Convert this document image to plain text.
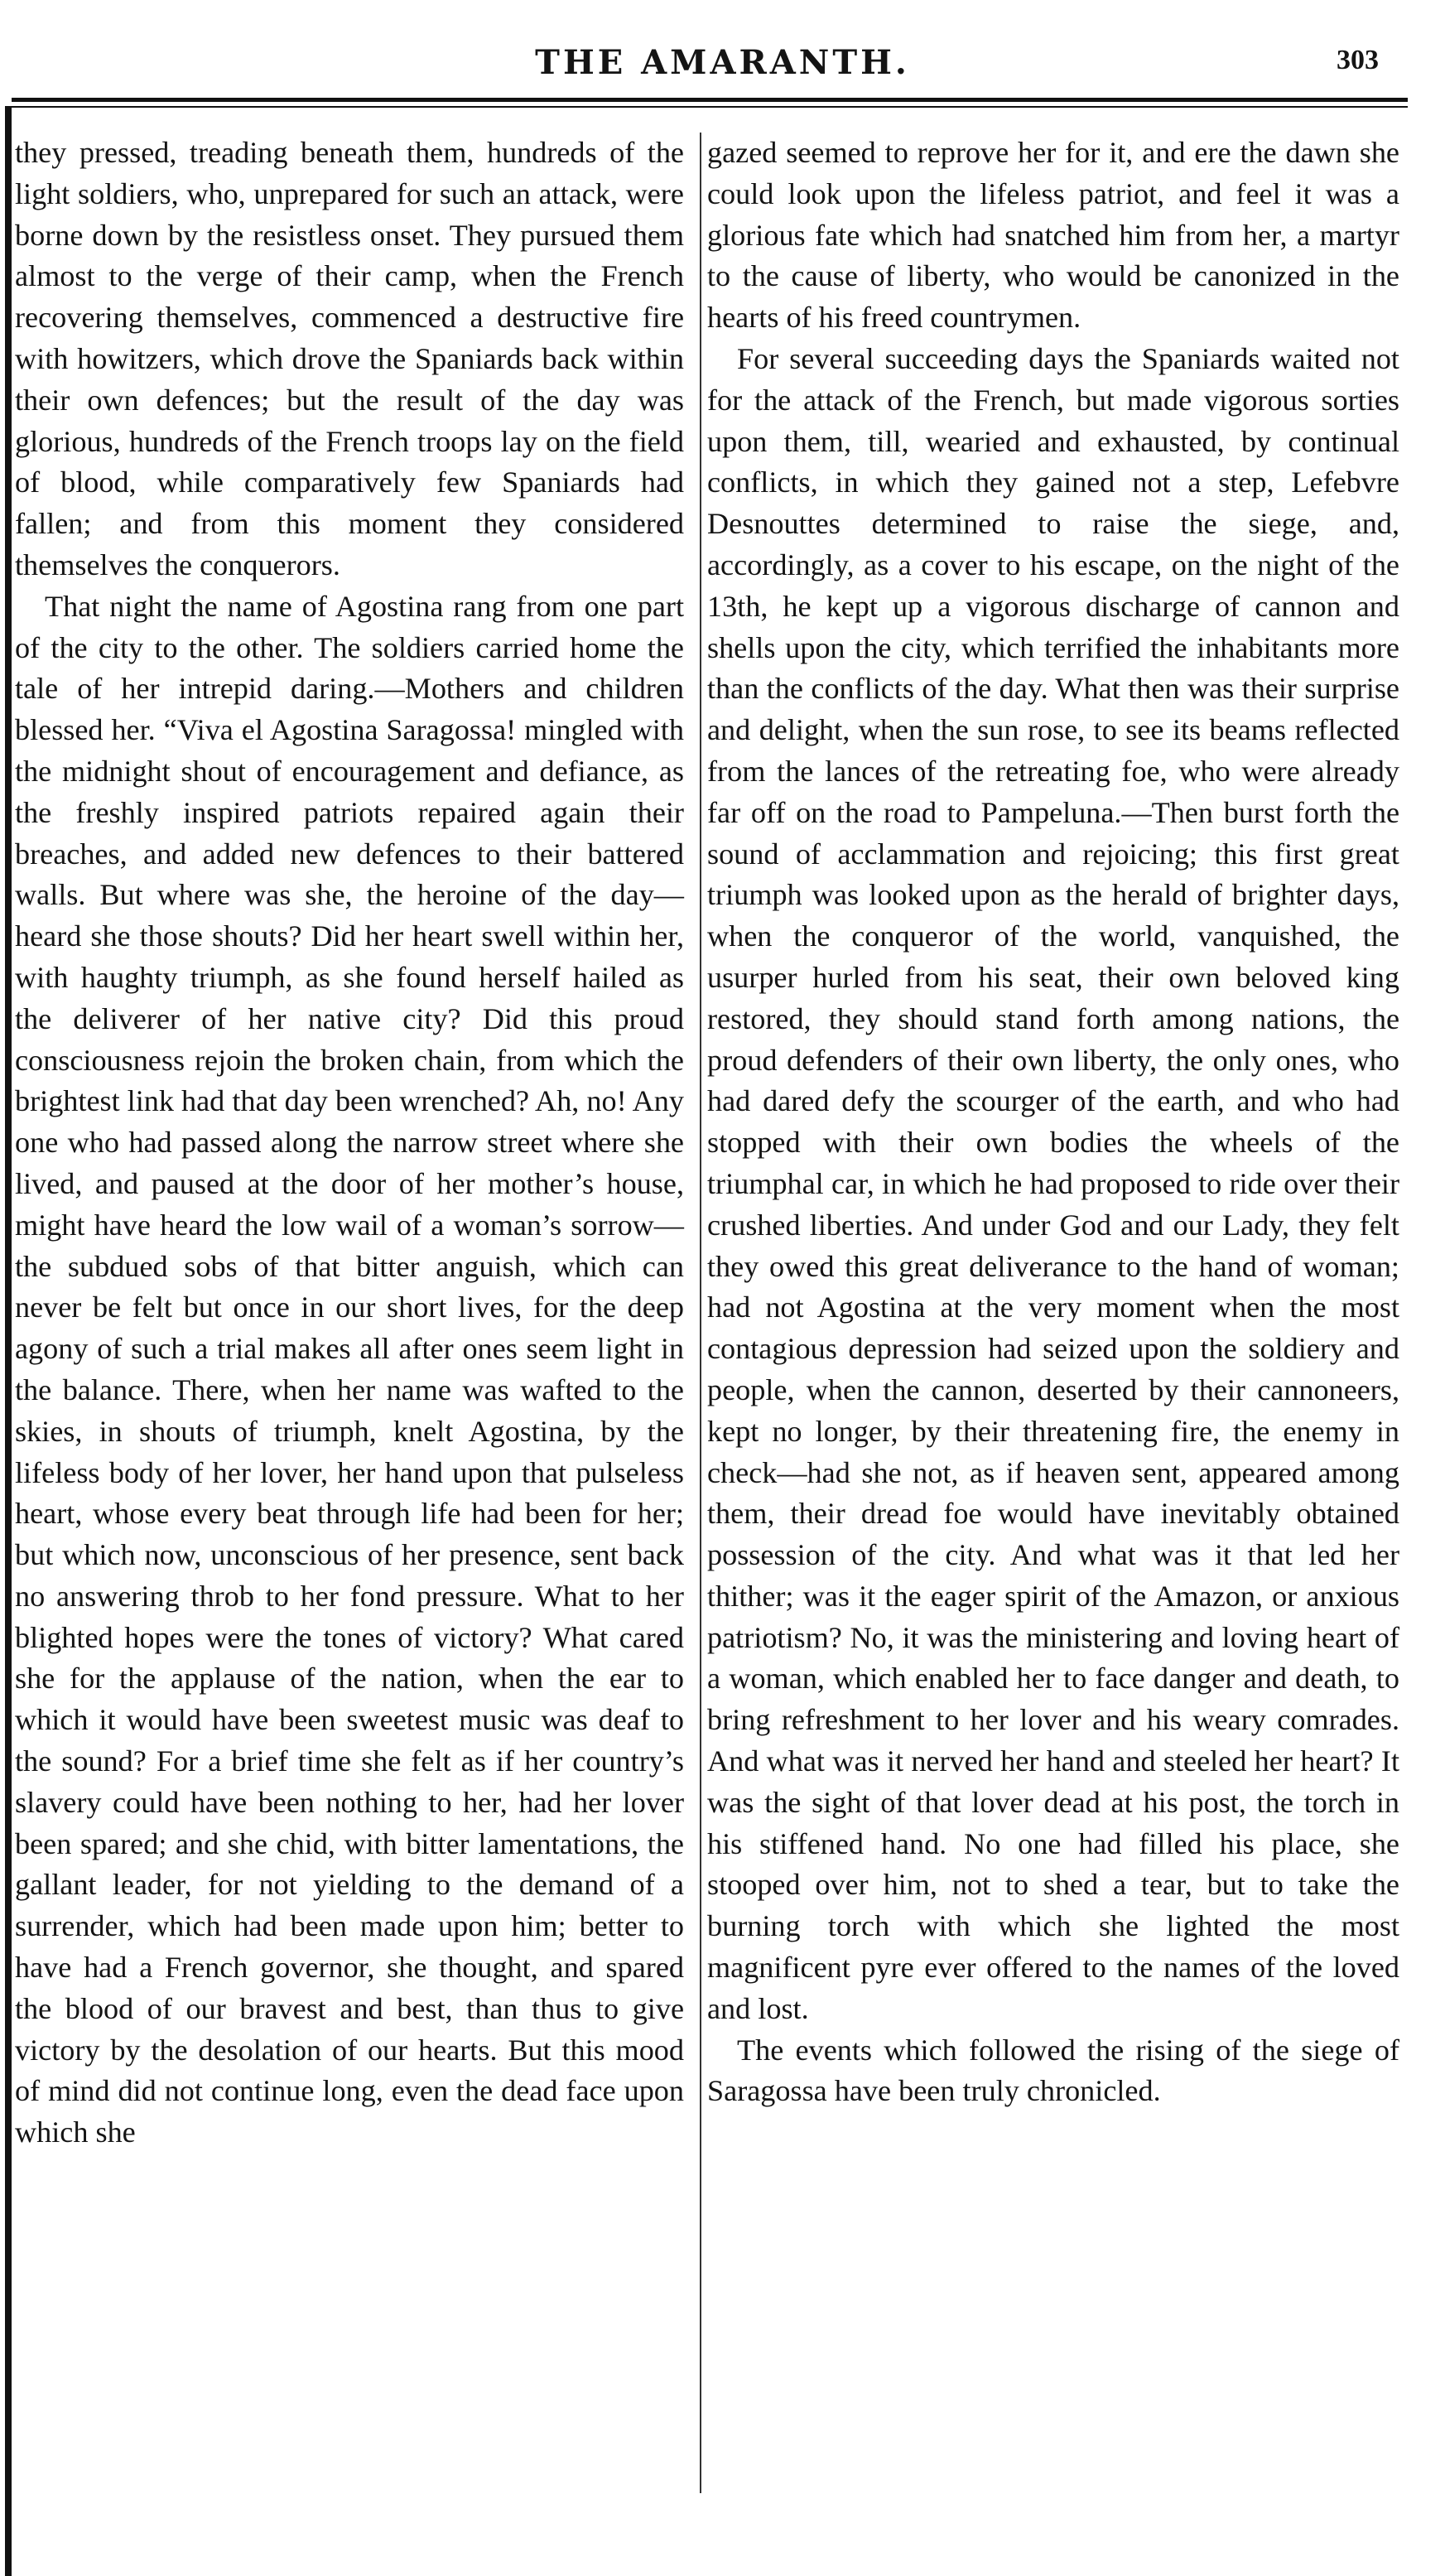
THE AMARANTH.	303

they pressed, treading beneath them, hundreds of the light soldiers, who, unprepared for such an attack, were borne down by the resistless onset. They pursued them almost to the verge of their camp, when the French recovering themselves, commenced a destructive fire with howitzers, which drove the Spaniards back within their own defences; but the result of the day was glorious, hundreds of the French troops lay on the field of blood, while comparatively few Spaniards had fallen; and from this moment they considered themselves the conquerors.

That night the name of Agostina rang from one part of the city to the other. The soldiers carried home the tale of her intrepid daring.—Mothers and children blessed her. “Viva el Agostina Saragossa! mingled with the midnight shout of encouragement and defiance, as the freshly inspired patriots repaired again their breaches, and added new defences to their battered walls. But where was she, the heroine of the day—heard she those shouts? Did her heart swell within her, with haughty triumph, as she found herself hailed as the deliverer of her native city? Did this proud consciousness rejoin the broken chain, from which the brightest link had that day been wrenched? Ah, no! Any one who had passed along the narrow street where she lived, and paused at the door of her mother’s house, might have heard the low wail of a woman’s sorrow—the subdued sobs of that bitter anguish, which can never be felt but once in our short lives, for the deep agony of such a trial makes all after ones seem light in the balance. There, when her name was wafted to the skies, in shouts of triumph, knelt Agostina, by the lifeless body of her lover, her hand upon that pulseless heart, whose every beat through life had been for her; but which now, unconscious of her presence, sent back no answering throb to her fond pressure. What to her blighted hopes were the tones of victory? What cared she for the applause of the nation, when the ear to which it would have been sweetest music was deaf to the sound? For a brief time she felt as if her country’s slavery could have been nothing to her, had her lover been spared; and she chid, with bitter lamentations, the gallant leader, for not yielding to the demand of a surrender, which had been made upon him; better to have had a French governor, she thought, and spared the blood of our bravest and best, than thus to give victory by the desolation of our hearts. But this mood of mind did not continue long, even the dead face upon which she

gazed seemed to reprove her for it, and ere the dawn she could look upon the lifeless patriot, and feel it was a glorious fate which had snatched him from her, a martyr to the cause of liberty, who would be canonized in the hearts of his freed countrymen.

For several succeeding days the Spaniards waited not for the attack of the French, but made vigorous sorties upon them, till, wearied and exhausted, by continual conflicts, in which they gained not a step, Lefebvre Desnouttes determined to raise the siege, and, accordingly, as a cover to his escape, on the night of the 13th, he kept up a vigorous discharge of cannon and shells upon the city, which terrified the inhabitants more than the conflicts of the day. What then was their surprise and delight, when the sun rose, to see its beams reflected from the lances of the retreating foe, who were already far off on the road to Pampeluna.—Then burst forth the sound of acclammation and rejoicing; this first great triumph was looked upon as the herald of brighter days, when the conqueror of the world, vanquished, the usurper hurled from his seat, their own beloved king restored, they should stand forth among nations, the proud defenders of their own liberty, the only ones, who had dared defy the scourger of the earth, and who had stopped with their own bodies the wheels of the triumphal car, in which he had proposed to ride over their crushed liberties. And under God and our Lady, they felt they owed this great deliverance to the hand of woman; had not Agostina at the very moment when the most contagious depression had seized upon the soldiery and people, when the cannon, deserted by their cannoneers, kept no longer, by their threatening fire, the enemy in check—had she not, as if heaven sent, appeared among them, their dread foe would have inevitably obtained possession of the city. And what was it that led her thither; was it the eager spirit of the Amazon, or anxious patriotism? No, it was the ministering and loving heart of a woman, which enabled her to face danger and death, to bring refreshment to her lover and his weary comrades. And what was it nerved her hand and steeled her heart? It was the sight of that lover dead at his post, the torch in his stiffened hand. No one had filled his place, she stooped over him, not to shed a tear, but to take the burning torch with which she lighted the most magnificent pyre ever offered to the names of the loved and lost.

The events which followed the rising of the siege of Saragossa have been truly chronicled.
